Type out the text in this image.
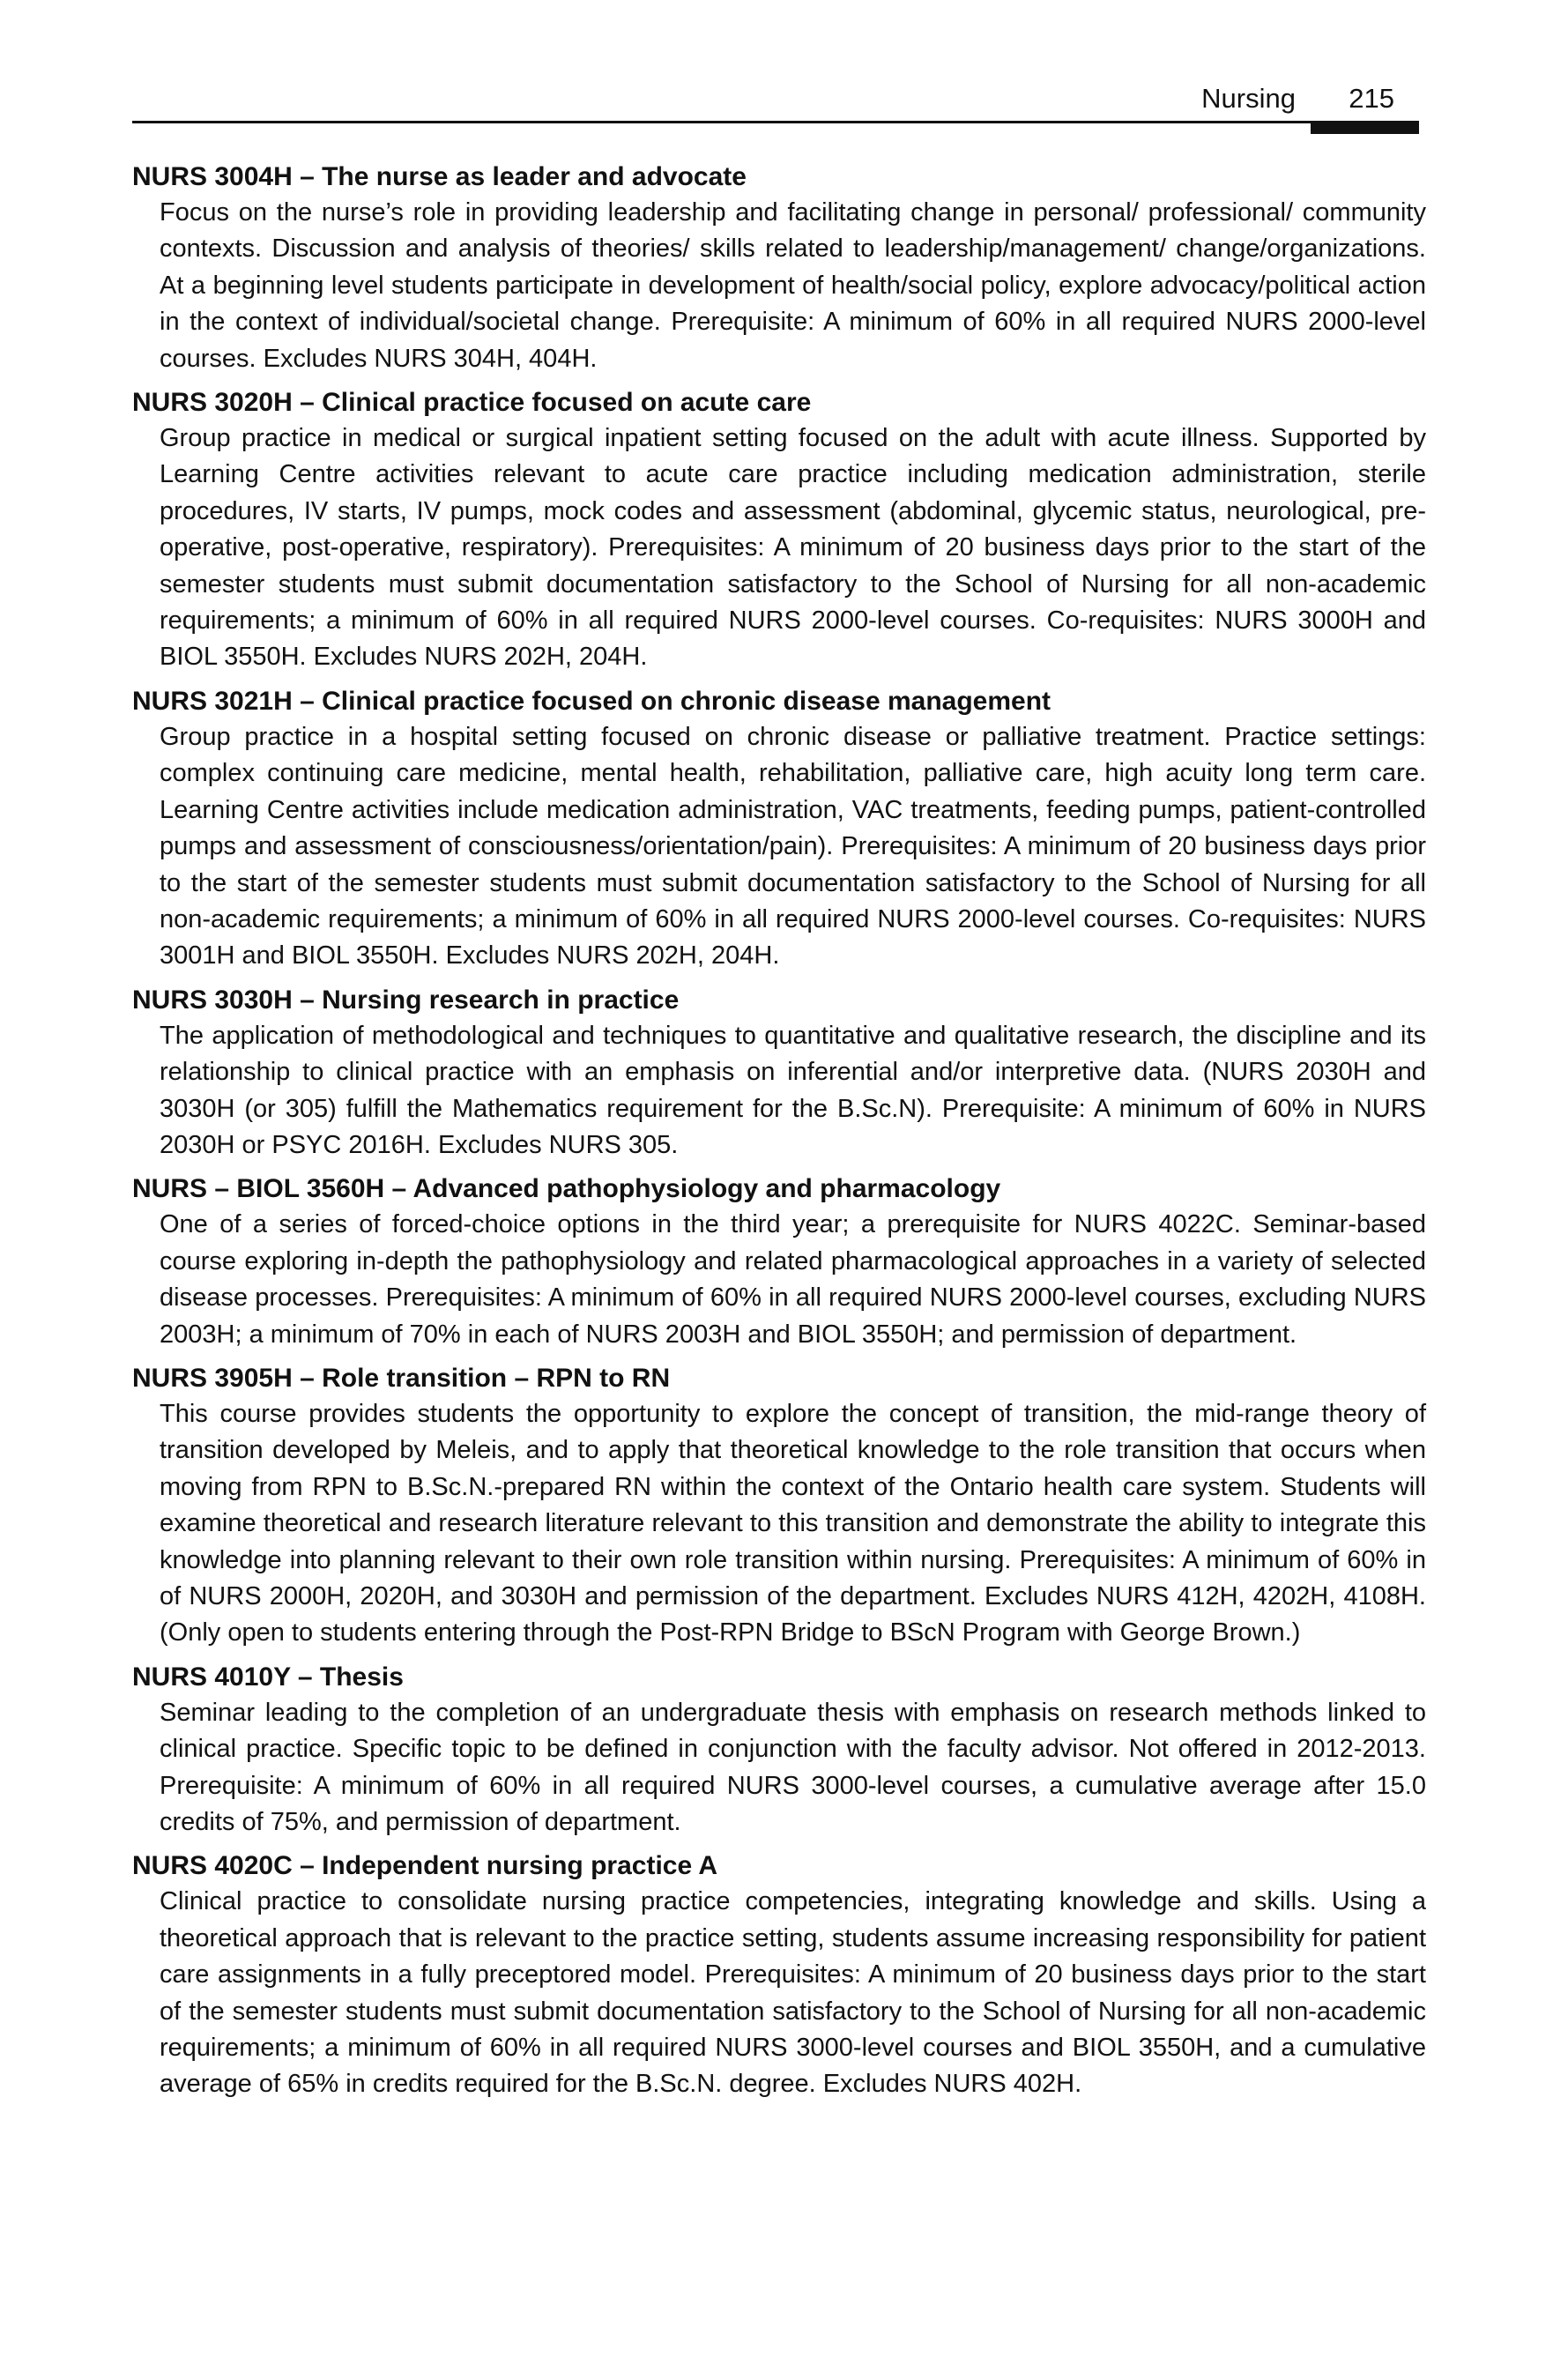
Nursing 215
NURS 3004H – The nurse as leader and advocate

Focus on the nurse’s role in providing leadership and facilitating change in personal/ professional/ community contexts. Discussion and analysis of theories/ skills related to leadership/management/ change/organizations. At a beginning level students participate in development of health/social policy, explore advocacy/political action in the context of individual/societal change. Prerequisite: A minimum of 60% in all required NURS 2000-level courses. Excludes NURS 304H, 404H.

NURS 3020H – Clinical practice focused on acute care

Group practice in medical or surgical inpatient setting focused on the adult with acute illness. Supported by Learning Centre activities relevant to acute care practice including medication administration, sterile procedures, IV starts, IV pumps, mock codes and assessment (abdominal, glycemic status, neurological, pre-operative, post-operative, respiratory). Prerequisites: A minimum of 20 business days prior to the start of the semester students must submit documentation satisfactory to the School of Nursing for all non-academic requirements; a minimum of 60% in all required NURS 2000-level courses. Co-requisites: NURS 3000H and BIOL 3550H. Excludes NURS 202H, 204H.

NURS 3021H – Clinical practice focused on chronic disease management

Group practice in a hospital setting focused on chronic disease or palliative treatment. Practice settings: complex continuing care medicine, mental health, rehabilitation, palliative care, high acuity long term care. Learning Centre activities include medication administration, VAC treatments, feeding pumps, patient-controlled pumps and assessment of consciousness/orientation/pain). Prerequisites: A minimum of 20 business days prior to the start of the semester students must submit documentation satisfactory to the School of Nursing for all non-academic requirements; a minimum of 60% in all required NURS 2000-level courses. Co-requisites: NURS 3001H and BIOL 3550H. Excludes NURS 202H, 204H.

NURS 3030H – Nursing research in practice

The application of methodological and techniques to quantitative and qualitative research, the discipline and its relationship to clinical practice with an emphasis on inferential and/or interpretive data. (NURS 2030H and 3030H (or 305) fulfill the Mathematics requirement for the B.Sc.N). Prerequisite: A minimum of 60% in NURS 2030H or PSYC 2016H. Excludes NURS 305.

NURS – BIOL 3560H – Advanced pathophysiology and pharmacology

One of a series of forced-choice options in the third year; a prerequisite for NURS 4022C. Seminar-based course exploring in-depth the pathophysiology and related pharmacological approaches in a variety of selected disease processes. Prerequisites: A minimum of 60% in all required NURS 2000-level courses, excluding NURS 2003H; a minimum of 70% in each of NURS 2003H and BIOL 3550H; and permission of department.

NURS 3905H – Role transition – RPN to RN

This course provides students the opportunity to explore the concept of transition, the mid-range theory of transition developed by Meleis, and to apply that theoretical knowledge to the role transition that occurs when moving from RPN to B.Sc.N.-prepared RN within the context of the Ontario health care system. Students will examine theoretical and research literature relevant to this transition and demonstrate the ability to integrate this knowledge into planning relevant to their own role transition within nursing. Prerequisites: A minimum of 60% in of NURS 2000H, 2020H, and 3030H and permission of the department. Excludes NURS 412H, 4202H, 4108H. (Only open to students entering through the Post-RPN Bridge to BScN Program with George Brown.)

NURS 4010Y – Thesis

Seminar leading to the completion of an undergraduate thesis with emphasis on research methods linked to clinical practice. Specific topic to be defined in conjunction with the faculty advisor. Not offered in 2012-2013. Prerequisite: A minimum of 60% in all required NURS 3000-level courses, a cumulative average after 15.0 credits of 75%, and permission of department.

NURS 4020C – Independent nursing practice A

Clinical practice to consolidate nursing practice competencies, integrating knowledge and skills. Using a theoretical approach that is relevant to the practice setting, students assume increasing responsibility for patient care assignments in a fully preceptored model. Prerequisites: A minimum of 20 business days prior to the start of the semester students must submit documentation satisfactory to the School of Nursing for all non-academic requirements; a minimum of 60% in all required NURS 3000-level courses and BIOL 3550H, and a cumulative average of 65% in credits required for the B.Sc.N. degree. Excludes NURS 402H.
